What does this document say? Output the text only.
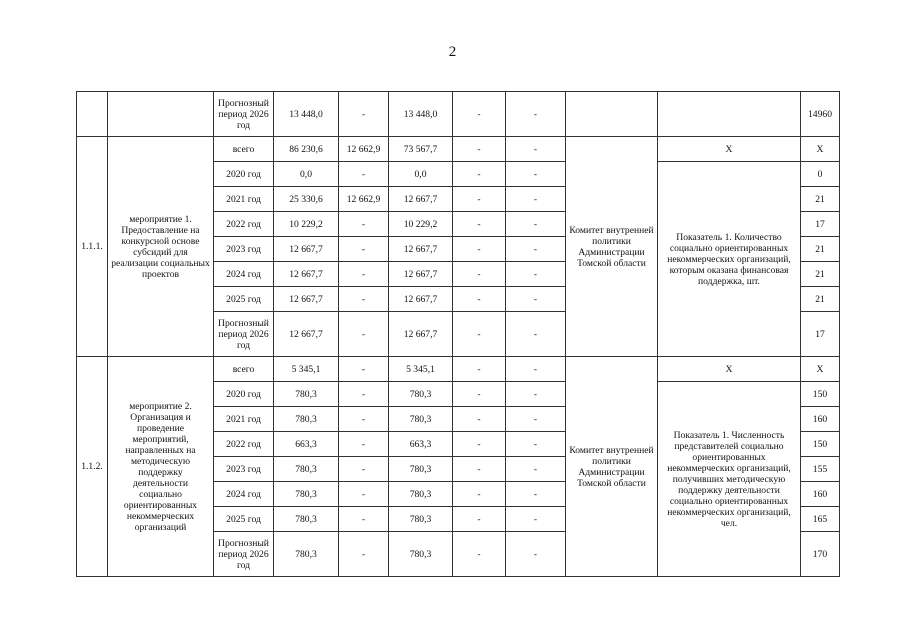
2
		Прогнозный период 2026 год	13 448,0	-	13 448,0	-	-			14960
1.1.1.	мероприятие 1. Предоставление на конкурсной основе субсидий для реализации социальных проектов	всего	86 230,6	12 662,9	73 567,7	-	-	Комитет внутренней политики Администрации Томской области	X	X
		2020 год	0,0	-	0,0	-	-		Показатель 1. Количество социально ориентированных некоммерческих организаций, которым оказана финансовая поддержка, шт.	0
		2021 год	25 330,6	12 662,9	12 667,7	-	-			21
		2022 год	10 229,2	-	10 229,2	-	-			17
		2023 год	12 667,7	-	12 667,7	-	-			21
		2024 год	12 667,7	-	12 667,7	-	-			21
		2025 год	12 667,7	-	12 667,7	-	-			21
		Прогнозный период 2026 год	12 667,7	-	12 667,7	-	-			17
1.1.2.	мероприятие 2. Организация и проведение мероприятий, направленных на методическую поддержку деятельности социально ориентированных некоммерческих организаций	всего	5 345,1	-	5 345,1	-	-	Комитет внутренней политики Администрации Томской области	X	X
		2020 год	780,3	-	780,3	-	-		Показатель 1. Численность представителей социально ориентированных некоммерческих организаций, получивших методическую поддержку деятельности социально ориентированных некоммерческих организаций, чел.	150
		2021 год	780,3	-	780,3	-	-			160
		2022 год	663,3	-	663,3	-	-			150
		2023 год	780,3	-	780,3	-	-			155
		2024 год	780,3	-	780,3	-	-			160
		2025 год	780,3	-	780,3	-	-			165
		Прогнозный период 2026 год	780,3	-	780,3	-	-			170
